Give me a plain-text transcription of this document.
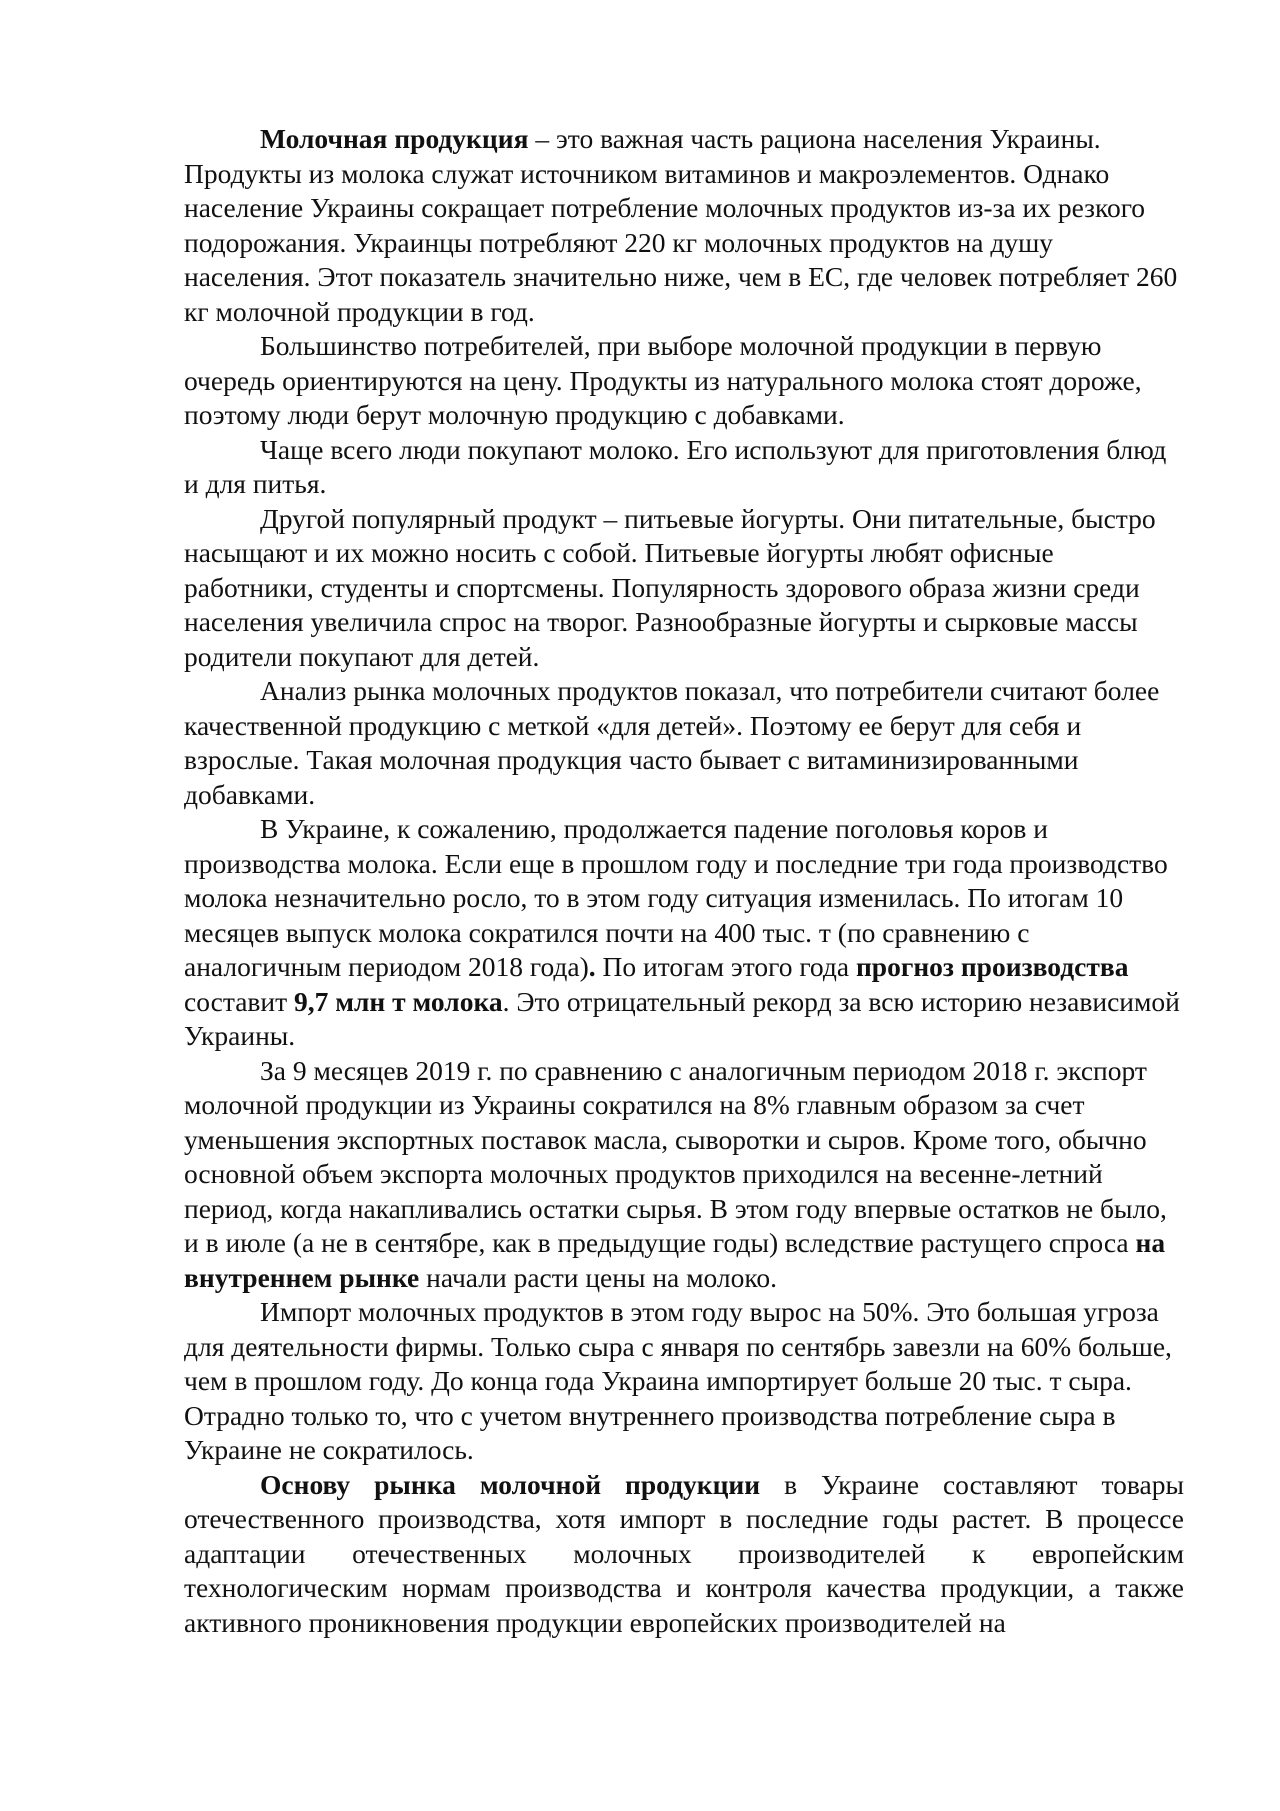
Молочная продукция – это важная часть рациона населения Украины. Продукты из молока служат источником витаминов и макроэлементов. Однако население Украины сокращает потребление молочных продуктов из-за их резкого подорожания. Украинцы потребляют 220 кг молочных продуктов на душу населения. Этот показатель значительно ниже, чем в ЕС, где человек потребляет 260 кг молочной продукции в год.

Большинство потребителей, при выборе молочной продукции в первую очередь ориентируются на цену. Продукты из натурального молока стоят дороже, поэтому люди берут молочную продукцию с добавками.

Чаще всего люди покупают молоко. Его используют для приготовления блюд и для питья.

Другой популярный продукт – питьевые йогурты. Они питательные, быстро насыщают и их можно носить с собой. Питьевые йогурты любят офисные работники, студенты и спортсмены. Популярность здорового образа жизни среди населения увеличила спрос на творог. Разнообразные йогурты и сырковые массы родители покупают для детей.

Анализ рынка молочных продуктов показал, что потребители считают более качественной продукцию с меткой «для детей». Поэтому ее берут для себя и взрослые. Такая молочная продукция часто бывает с витаминизированными добавками.

В Украине, к сожалению, продолжается падение поголовья коров и производства молока. Если еще в прошлом году и последние три года производство молока незначительно росло, то в этом году ситуация изменилась. По итогам 10 месяцев выпуск молока сократился почти на 400 тыс. т (по сравнению с аналогичным периодом 2018 года). По итогам этого года прогноз производства составит 9,7 млн т молока. Это отрицательный рекорд за всю историю независимой Украины.

За 9 месяцев 2019 г. по сравнению с аналогичным периодом 2018 г. экспорт молочной продукции из Украины сократился на 8% главным образом за счет уменьшения экспортных поставок масла, сыворотки и сыров. Кроме того, обычно основной объем экспорта молочных продуктов приходился на весенне-летний период, когда накапливались остатки сырья. В этом году впервые остатков не было, и в июле (а не в сентябре, как в предыдущие годы) вследствие растущего спроса на внутреннем рынке начали расти цены на молоко.

Импорт молочных продуктов в этом году вырос на 50%. Это большая угроза для деятельности фирмы. Только сыра с января по сентябрь завезли на 60% больше, чем в прошлом году. До конца года Украина импортирует больше 20 тыс. т сыра. Отрадно только то, что с учетом внутреннего производства потребление сыра в Украине не сократилось.

Основу рынка молочной продукции в Украине составляют товары отечественного производства, хотя импорт в последние годы растет. В процессе адаптации отечественных молочных производителей к европейским технологическим нормам производства и контроля качества продукции, а также активного проникновения продукции европейских производителей на
